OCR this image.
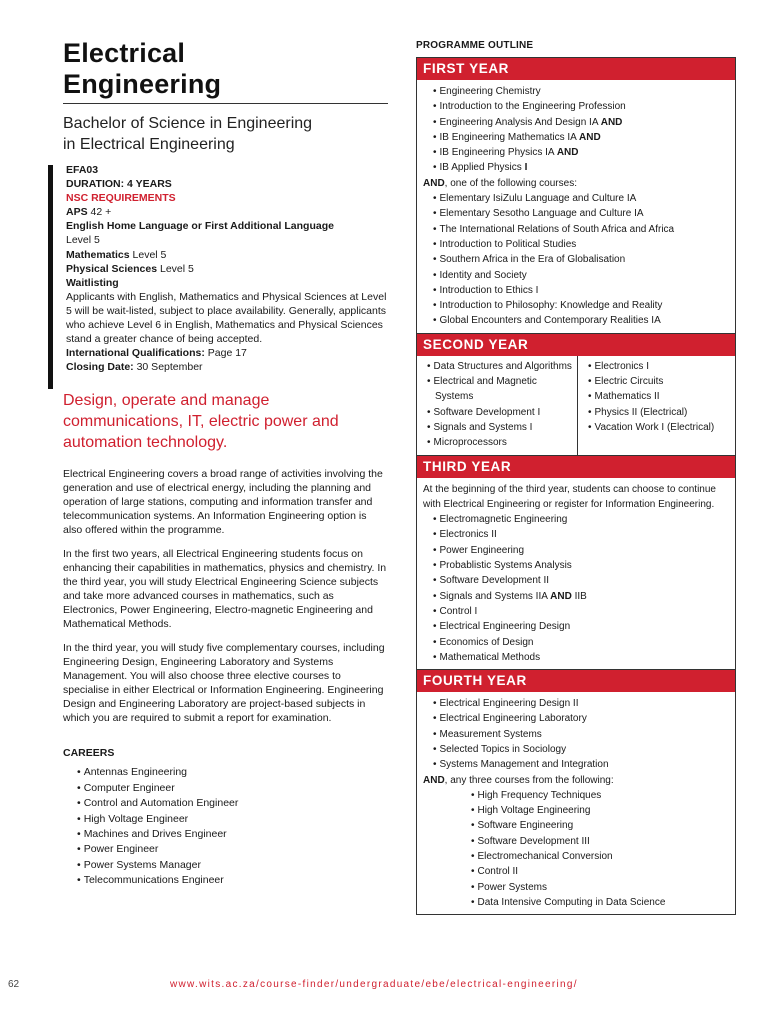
Electrical
Engineering

Bachelor of Science in Engineering
in Electrical Engineering

EFA03

DURATION: 4 YEARS

NSC REQUIREMENTS

APS 42 +

English Home Language or First Additional Language

Level 5

Mathematics Level 5

Physical Sciences Level 5

Waitlisting

Applicants with English, Mathematics and Physical Sciences at Level 5 will be wait-listed, subject to place availability. Generally, applicants who achieve Level 6 in English, Mathematics and Physical Sciences stand a greater chance of being accepted.

International Qualifications: Page 17

Closing Date: 30 September

Design, operate and manage communications, IT, electric power and automation technology.

Electrical Engineering covers a broad range of activities involving the generation and use of electrical energy, including the planning and operation of large stations, computing and information transfer and telecommunication systems. An Information Engineering option is also offered within the programme.

In the first two years, all Electrical Engineering students focus on enhancing their capabilities in mathematics, physics and chemistry. In the third year, you will study Electrical Engineering Science subjects and take more advanced courses in mathematics, such as Electronics, Power Engineering, Electro-magnetic Engineering and Mathematical Methods.

In the third year, you will study five complementary courses, including Engineering Design, Engineering Laboratory and Systems Management. You will also choose three elective courses to specialise in either Electrical or Information Engineering. Engineering Design and Engineering Laboratory are project-based subjects in which you are required to submit a report for examination.

CAREERS

• Antennas Engineering
• Computer Engineer
• Control and Automation Engineer
• High Voltage Engineer
• Machines and Drives Engineer
• Power Engineer
• Power Systems Manager
• Telecommunications Engineer

PROGRAMME OUTLINE

FIRST YEAR
• Engineering Chemistry
• Introduction to the Engineering Profession
• Engineering Analysis And Design IA AND
• IB Engineering Mathematics IA AND
• IB Engineering Physics IA AND
• IB Applied Physics I

AND, one of the following courses:

• Elementary IsiZulu Language and Culture IA
• Elementary Sesotho Language and Culture IA
• The International Relations of South Africa and Africa
• Introduction to Political Studies
• Southern Africa in the Era of Globalisation
• Identity and Society
• Introduction to Ethics I
• Introduction to Philosophy: Knowledge and Reality
• Global Encounters and Contemporary Realities IA
SECOND YEAR
• Data Structures and Algorithms
• Electrical and Magnetic Systems
• Software Development I
• Signals and Systems I
• Microprocessors
• Electronics I
• Electric Circuits
• Mathematics II
• Physics II (Electrical)
• Vacation Work I (Electrical)
THIRD YEAR

At the beginning of the third year, students can choose to continue with Electrical Engineering or register for Information Engineering.

• Electromagnetic Engineering
• Electronics II
• Power Engineering
• Probablistic Systems Analysis
• Software Development II
• Signals and Systems IIA AND IIB
• Control I
• Electrical Engineering Design
• Economics of Design
• Mathematical Methods
FOURTH YEAR
• Electrical Engineering Design II
• Electrical Engineering Laboratory
• Measurement Systems
• Selected Topics in Sociology
• Systems Management and Integration

AND, any three courses from the following:

• High Frequency Techniques
• High Voltage Engineering
• Software Engineering
• Software Development III
• Electromechanical Conversion
• Control II
• Power Systems
• Data Intensive Computing in Data Science
62	www.wits.ac.za/course-finder/undergraduate/ebe/electrical-engineering/
